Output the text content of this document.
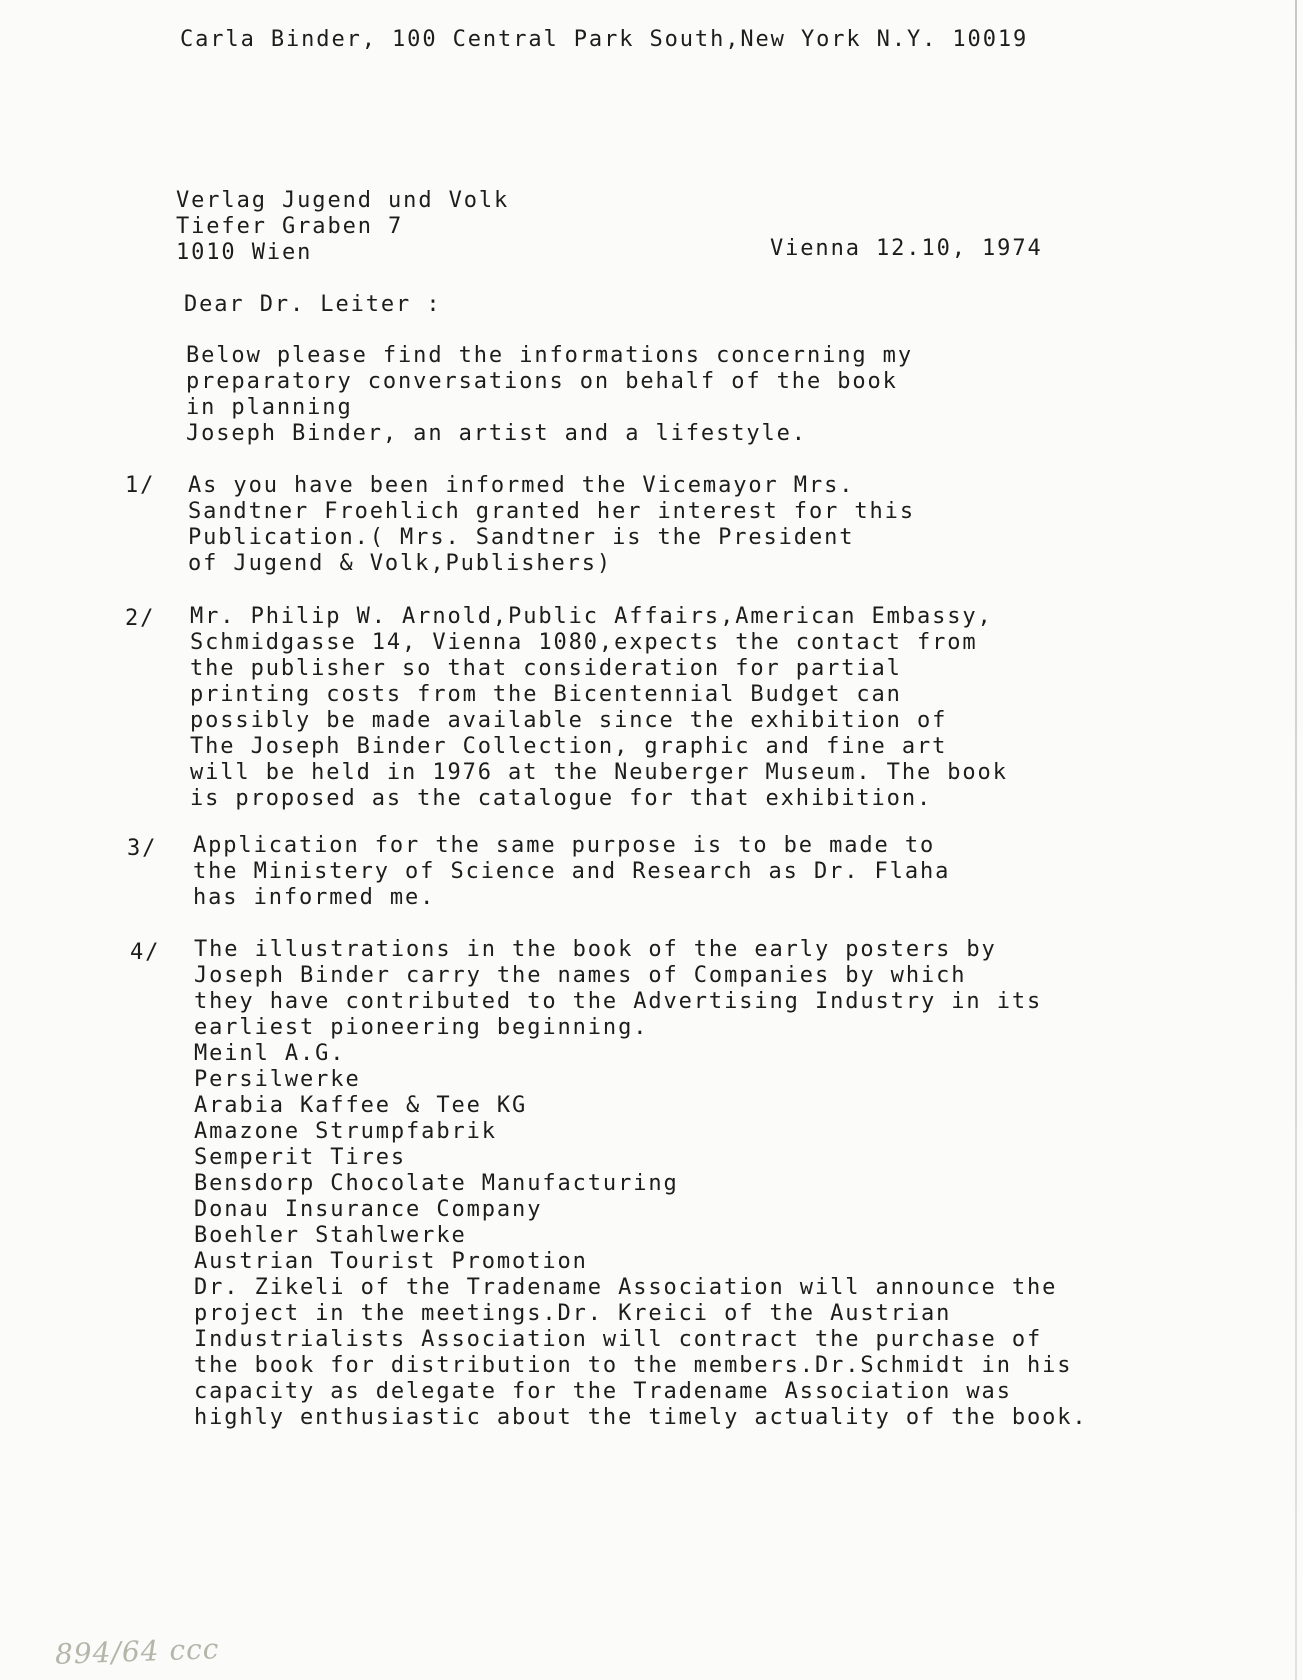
Carla Binder, 100 Central Park South,New York N.Y. 10019
Verlag Jugend und Volk
Tiefer Graben 7
1010 Wien	Vienna 12.10, 1974
Dear Dr. Leiter :
Below please find the informations concerning my
preparatory conversations on behalf of the book
in planning
Joseph Binder, an artist and a lifestyle.
1/ As you have been informed the Vicemayor Mrs.
Sandtner Froehlich granted her interest for this
Publication.( Mrs. Sandtner is the President
of Jugend & Volk,Publishers)
2/ Mr. Philip W. Arnold,Public Affairs,American Embassy,
Schmidgasse 14, Vienna 1080,expects the contact from
the publisher so that consideration for partial
printing costs from the Bicentennial Budget can
possibly be made available since the exhibition of
The Joseph Binder Collection, graphic and fine art
will be held in 1976 at the Neuberger Museum. The book
is proposed as the catalogue for that exhibition.
3/ Application for the same purpose is to be made to
the Ministery of Science and Research as Dr. Flaha
has informed me.
4/ The illustrations in the book of the early posters by
Joseph Binder carry the names of Companies by which
they have contributed to the Advertising Industry in its
earliest pioneering beginning.
Meinl A.G.
Persilwerke
Arabia Kaffee & Tee KG
Amazone Strumpfabrik
Semperit Tires
Bensdorp Chocolate Manufacturing
Donau Insurance Company
Boehler Stahlwerke
Austrian Tourist Promotion
Dr. Zikeli of the Tradename Association will announce the
project in the meetings.Dr. Kreici of the Austrian
Industrialists Association will contract the purchase of
the book for distribution to the members.Dr.Schmidt in his
capacity as delegate for the Tradename Association was
highly enthusiastic about the timely actuality of the book.
894/64 ccc
